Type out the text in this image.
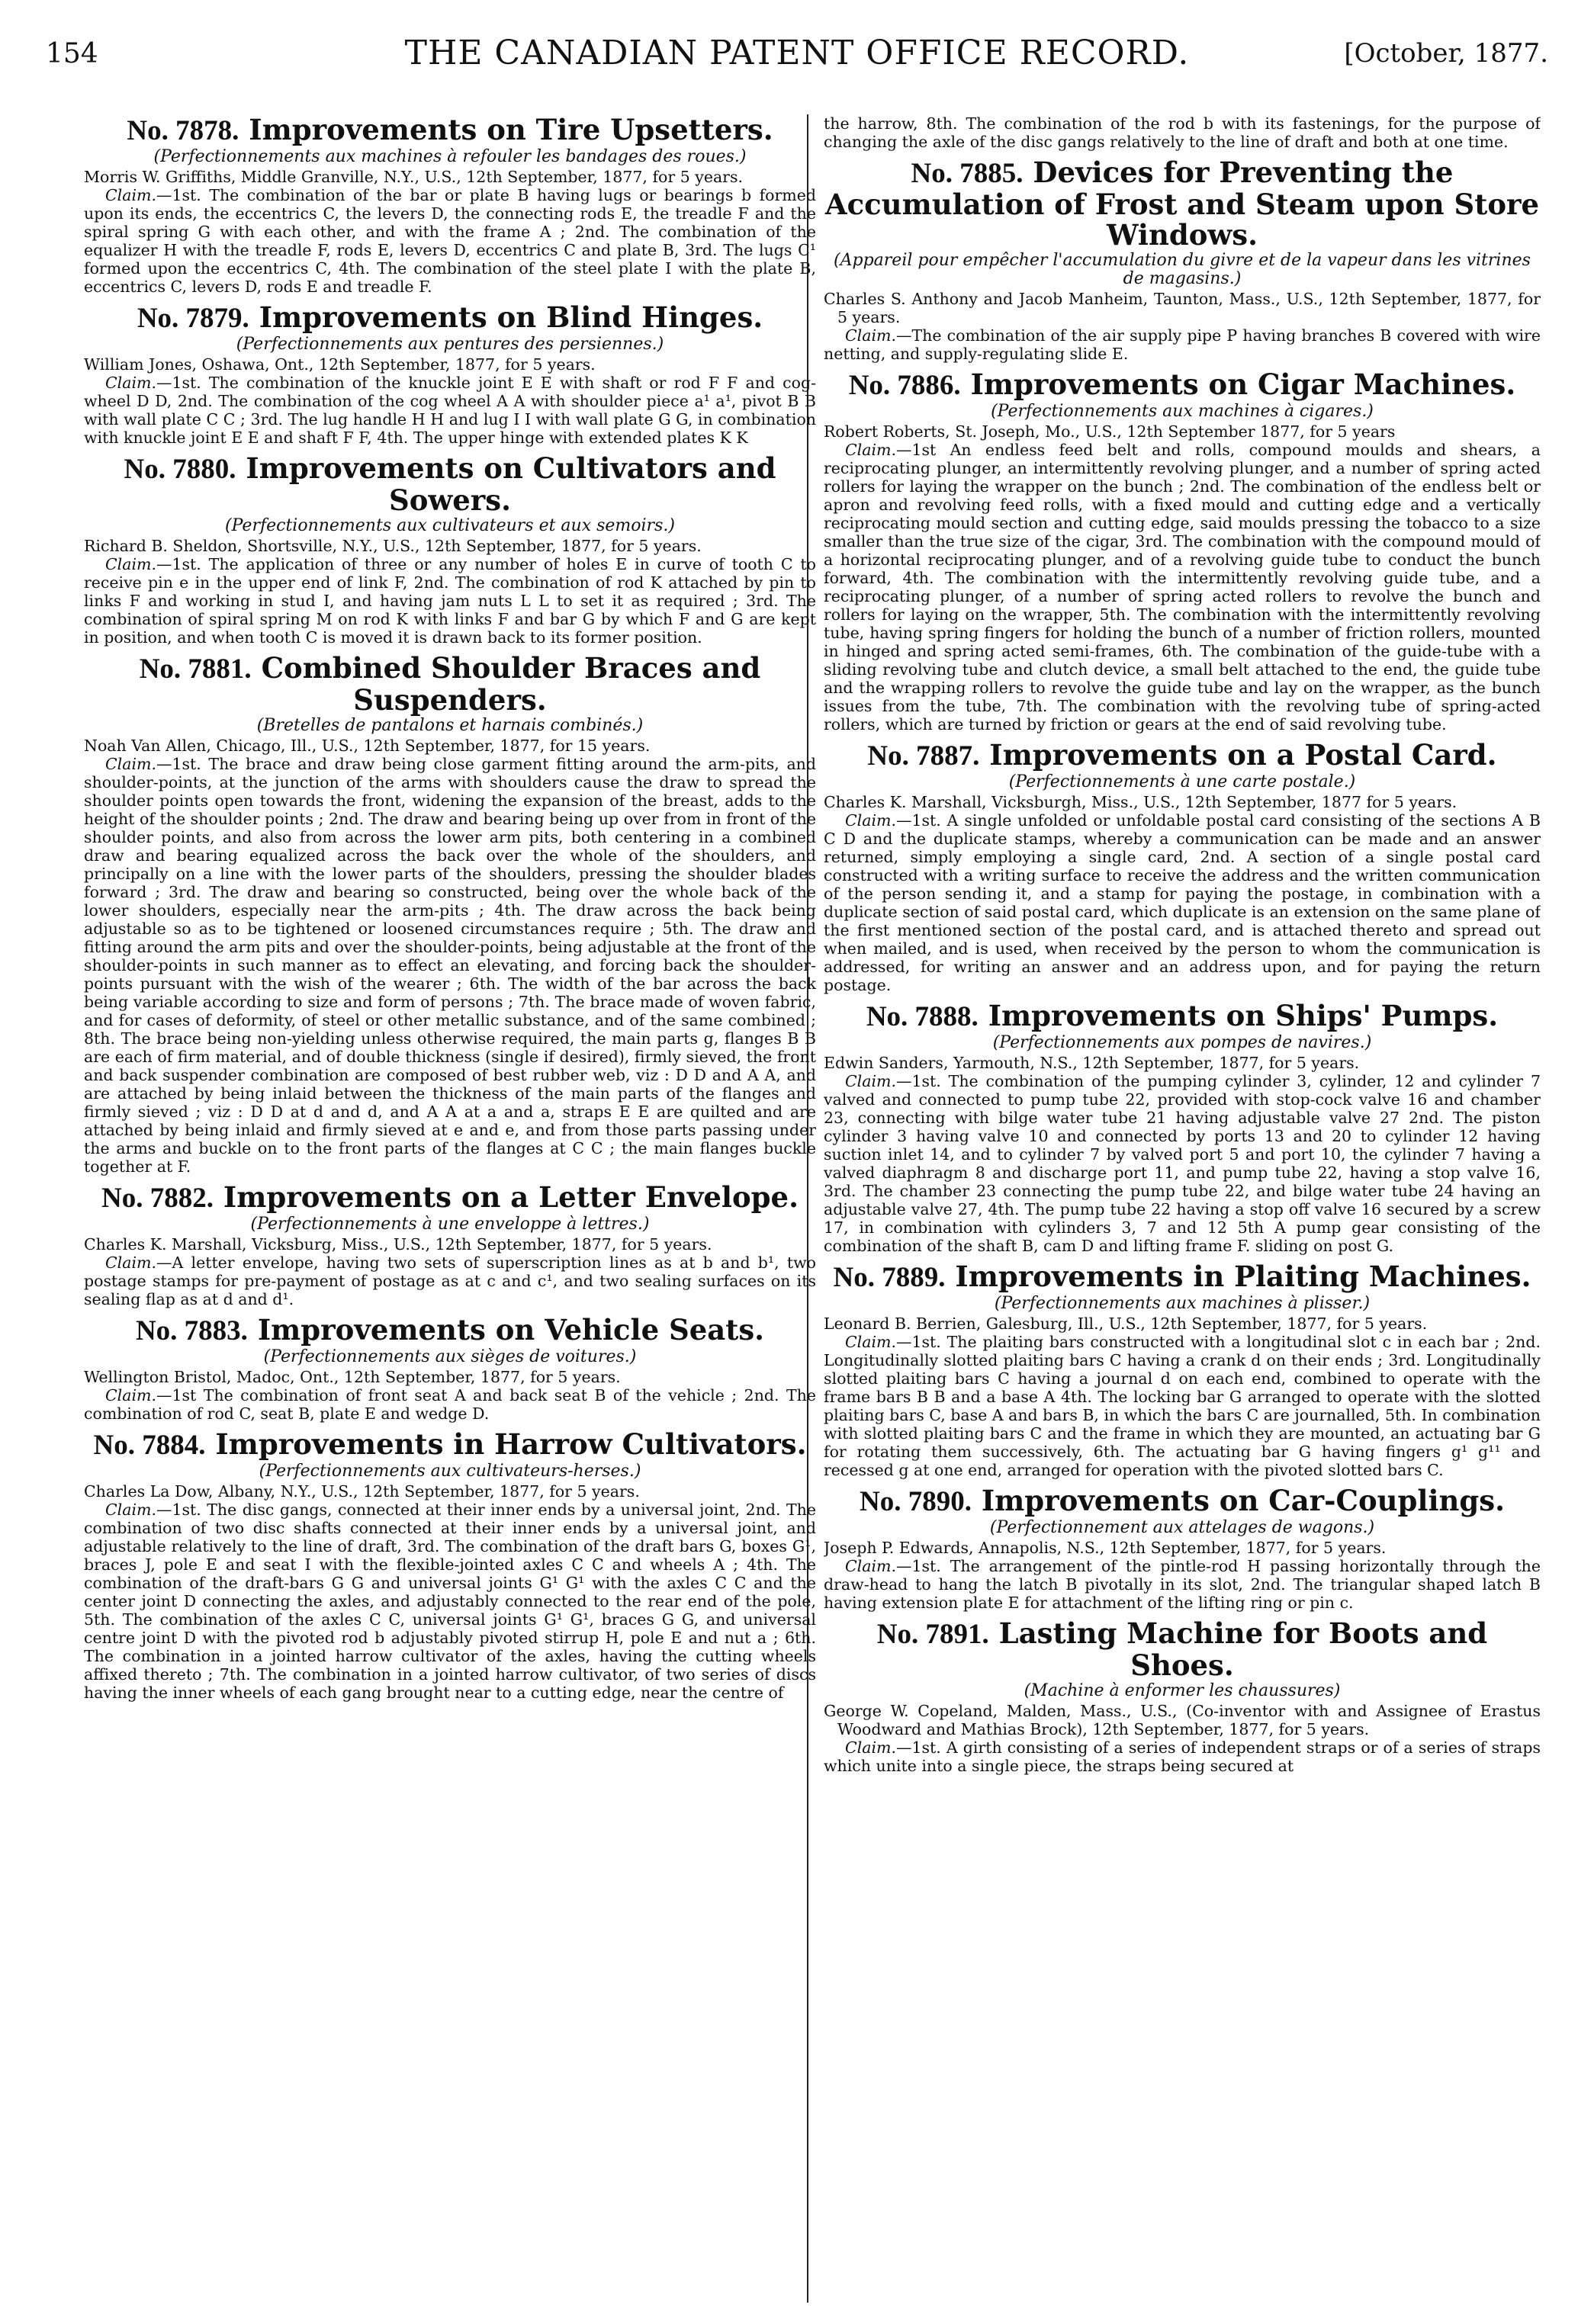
154	THE CANADIAN PATENT OFFICE RECORD.	[October, 1877.
No. 7878. Improvements on Tire Upsetters.
(Perfectionnements aux machines à refouler les bandages des roues.)

Morris W. Griffiths, Middle Granville, N.Y., U.S., 12th September, 1877, for 5 years.

Claim.—1st. The combination of the bar or plate B having lugs or bearings b formed upon its ends, the eccentrics C, the levers D, the connecting rods E, the treadle F and the spiral spring G with each other, and with the frame A ; 2nd. The combination of the equalizer H with the treadle F, rods E, levers D, eccentrics C and plate B, 3rd. The lugs C¹ formed upon the eccentrics C, 4th. The combination of the steel plate I with the plate B, eccentrics C, levers D, rods E and treadle F.

No. 7879. Improvements on Blind Hinges.
(Perfectionnements aux pentures des persiennes.)

William Jones, Oshawa, Ont., 12th September, 1877, for 5 years.

Claim.—1st. The combination of the knuckle joint E E with shaft or rod F F and cog-wheel D D, 2nd. The combination of the cog wheel A A with shoulder piece a¹ a¹, pivot B B with wall plate C C ; 3rd. The lug handle H H and lug I I with wall plate G G, in combination with knuckle joint E E and shaft F F, 4th. The upper hinge with extended plates K K

No. 7880. Improvements on Cultivators and Sowers.
(Perfectionnements aux cultivateurs et aux semoirs.)

Richard B. Sheldon, Shortsville, N.Y., U.S., 12th September, 1877, for 5 years.

Claim.—1st. The application of three or any number of holes E in curve of tooth C to receive pin e in the upper end of link F, 2nd. The combination of rod K attached by pin to links F and working in stud I, and having jam nuts L L to set it as required ; 3rd. The combination of spiral spring M on rod K with links F and bar G by which F and G are kept in position, and when tooth C is moved it is drawn back to its former position.

No. 7881. Combined Shoulder Braces and Suspenders.
(Bretelles de pantalons et harnais combinés.)

Noah Van Allen, Chicago, Ill., U.S., 12th September, 1877, for 15 years.

Claim.—1st. The brace and draw being close garment fitting around the arm-pits, and shoulder-points, at the junction of the arms with shoulders cause the draw to spread the shoulder points open towards the front, widening the expansion of the breast, adds to the height of the shoulder points ; 2nd. The draw and bearing being up over from in front of the shoulder points, and also from across the lower arm pits, both centering in a combined draw and bearing equalized across the back over the whole of the shoulders, and principally on a line with the lower parts of the shoulders, pressing the shoulder blades forward ; 3rd. The draw and bearing so constructed, being over the whole back of the lower shoulders, especially near the arm-pits ; 4th. The draw across the back being adjustable so as to be tightened or loosened circumstances require ; 5th. The draw and fitting around the arm pits and over the shoulder-points, being adjustable at the front of the shoulder-points in such manner as to effect an elevating, and forcing back the shoulder-points pursuant with the wish of the wearer ; 6th. The width of the bar across the back being variable according to size and form of persons ; 7th. The brace made of woven fabric, and for cases of deformity, of steel or other metallic substance, and of the same combined ; 8th. The brace being non-yielding unless otherwise required, the main parts g, flanges B B are each of firm material, and of double thickness (single if desired), firmly sieved, the front and back suspender combination are composed of best rubber web, viz : D D and A A, and are attached by being inlaid between the thickness of the main parts of the flanges and firmly sieved ; viz : D D at d and d, and A A at a and a, straps E E are quilted and are attached by being inlaid and firmly sieved at e and e, and from those parts passing under the arms and buckle on to the front parts of the flanges at C C ; the main flanges buckle together at F.

No. 7882. Improvements on a Letter Envelope.
(Perfectionnements à une enveloppe à lettres.)

Charles K. Marshall, Vicksburg, Miss., U.S., 12th September, 1877, for 5 years.

Claim.—A letter envelope, having two sets of superscription lines as at b and b¹, two postage stamps for pre-payment of postage as at c and c¹, and two sealing surfaces on its sealing flap as at d and d¹.

No. 7883. Improvements on Vehicle Seats.
(Perfectionnements aux sièges de voitures.)

Wellington Bristol, Madoc, Ont., 12th September, 1877, for 5 years.

Claim.—1st The combination of front seat A and back seat B of the vehicle ; 2nd. The combination of rod C, seat B, plate E and wedge D.

No. 7884. Improvements in Harrow Cultivators.
(Perfectionnements aux cultivateurs-herses.)

Charles La Dow, Albany, N.Y., U.S., 12th September, 1877, for 5 years.

Claim.—1st. The disc gangs, connected at their inner ends by a universal joint, 2nd. The combination of two disc shafts connected at their inner ends by a universal joint, and adjustable relatively to the line of draft, 3rd. The combination of the draft bars G, boxes G¹, braces J, pole E and seat I with the flexible-jointed axles C C and wheels A ; 4th. The combination of the draft-bars G G and universal joints G¹ G¹ with the axles C C and the center joint D connecting the axles, and adjustably connected to the rear end of the pole, 5th. The combination of the axles C C, universal joints G¹ G¹, braces G G, and universal centre joint D with the pivoted rod b adjustably pivoted stirrup H, pole E and nut a ; 6th. The combination in a jointed harrow cultivator of the axles, having the cutting wheels affixed thereto ; 7th. The combination in a jointed harrow cultivator, of two series of discs having the inner wheels of each gang brought near to a cutting edge, near the centre of

the harrow, 8th. The combination of the rod b with its fastenings, for the purpose of changing the axle of the disc gangs relatively to the line of draft and both at one time.

No. 7885. Devices for Preventing the Accumulation of Frost and Steam upon Store Windows.
(Appareil pour empêcher l'accumulation du givre et de la vapeur dans les vitrines de magasins.)

Charles S. Anthony and Jacob Manheim, Taunton, Mass., U.S., 12th September, 1877, for 5 years.

Claim.—The combination of the air supply pipe P having branches B covered with wire netting, and supply-regulating slide E.

No. 7886. Improvements on Cigar Machines.
(Perfectionnements aux machines à cigares.)

Robert Roberts, St. Joseph, Mo., U.S., 12th September 1877, for 5 years

Claim.—1st An endless feed belt and rolls, compound moulds and shears, a reciprocating plunger, an intermittently revolving plunger, and a number of spring acted rollers for laying the wrapper on the bunch ; 2nd. The combination of the endless belt or apron and revolving feed rolls, with a fixed mould and cutting edge and a vertically reciprocating mould section and cutting edge, said moulds pressing the tobacco to a size smaller than the true size of the cigar, 3rd. The combination with the compound mould of a horizontal reciprocating plunger, and of a revolving guide tube to conduct the bunch forward, 4th. The combination with the intermittently revolving guide tube, and a reciprocating plunger, of a number of spring acted rollers to revolve the bunch and rollers for laying on the wrapper, 5th. The combination with the intermittently revolving tube, having spring fingers for holding the bunch of a number of friction rollers, mounted in hinged and spring acted semi-frames, 6th. The combination of the guide-tube with a sliding revolving tube and clutch device, a small belt attached to the end, the guide tube and the wrapping rollers to revolve the guide tube and lay on the wrapper, as the bunch issues from the tube, 7th. The combination with the revolving tube of spring-acted rollers, which are turned by friction or gears at the end of said revolving tube.

No. 7887. Improvements on a Postal Card.
(Perfectionnements à une carte postale.)

Charles K. Marshall, Vicksburgh, Miss., U.S., 12th September, 1877 for 5 years.

Claim.—1st. A single unfolded or unfoldable postal card consisting of the sections A B C D and the duplicate stamps, whereby a communication can be made and an answer returned, simply employing a single card, 2nd. A section of a single postal card constructed with a writing surface to receive the address and the written communication of the person sending it, and a stamp for paying the postage, in combination with a duplicate section of said postal card, which duplicate is an extension on the same plane of the first mentioned section of the postal card, and is attached thereto and spread out when mailed, and is used, when received by the person to whom the communication is addressed, for writing an answer and an address upon, and for paying the return postage.

No. 7888. Improvements on Ships' Pumps.
(Perfectionnements aux pompes de navires.)

Edwin Sanders, Yarmouth, N.S., 12th September, 1877, for 5 years.

Claim.—1st. The combination of the pumping cylinder 3, cylinder, 12 and cylinder 7 valved and connected to pump tube 22, provided with stop-cock valve 16 and chamber 23, connecting with bilge water tube 21 having adjustable valve 27 2nd. The piston cylinder 3 having valve 10 and connected by ports 13 and 20 to cylinder 12 having suction inlet 14, and to cylinder 7 by valved port 5 and port 10, the cylinder 7 having a valved diaphragm 8 and discharge port 11, and pump tube 22, having a stop valve 16, 3rd. The chamber 23 connecting the pump tube 22, and bilge water tube 24 having an adjustable valve 27, 4th. The pump tube 22 having a stop off valve 16 secured by a screw 17, in combination with cylinders 3, 7 and 12 5th A pump gear consisting of the combination of the shaft B, cam D and lifting frame F. sliding on post G.

No. 7889. Improvements in Plaiting Machines.
(Perfectionnements aux machines à plisser.)

Leonard B. Berrien, Galesburg, Ill., U.S., 12th September, 1877, for 5 years.

Claim.—1st. The plaiting bars constructed with a longitudinal slot c in each bar ; 2nd. Longitudinally slotted plaiting bars C having a crank d on their ends ; 3rd. Longitudinally slotted plaiting bars C having a journal d on each end, combined to operate with the frame bars B B and a base A 4th. The locking bar G arranged to operate with the slotted plaiting bars C, base A and bars B, in which the bars C are journalled, 5th. In combination with slotted plaiting bars C and the frame in which they are mounted, an actuating bar G for rotating them successively, 6th. The actuating bar G having fingers g¹ g¹¹ and recessed g at one end, arranged for operation with the pivoted slotted bars C.

No. 7890. Improvements on Car-Couplings.
(Perfectionnement aux attelages de wagons.)

Joseph P. Edwards, Annapolis, N.S., 12th September, 1877, for 5 years.

Claim.—1st. The arrangement of the pintle-rod H passing horizontally through the draw-head to hang the latch B pivotally in its slot, 2nd. The triangular shaped latch B having extension plate E for attachment of the lifting ring or pin c.

No. 7891. Lasting Machine for Boots and Shoes.
(Machine à enformer les chaussures)

George W. Copeland, Malden, Mass., U.S., (Co-inventor with and Assignee of Erastus Woodward and Mathias Brock), 12th September, 1877, for 5 years.

Claim.—1st. A girth consisting of a series of independent straps or of a series of straps which unite into a single piece, the straps being secured at
